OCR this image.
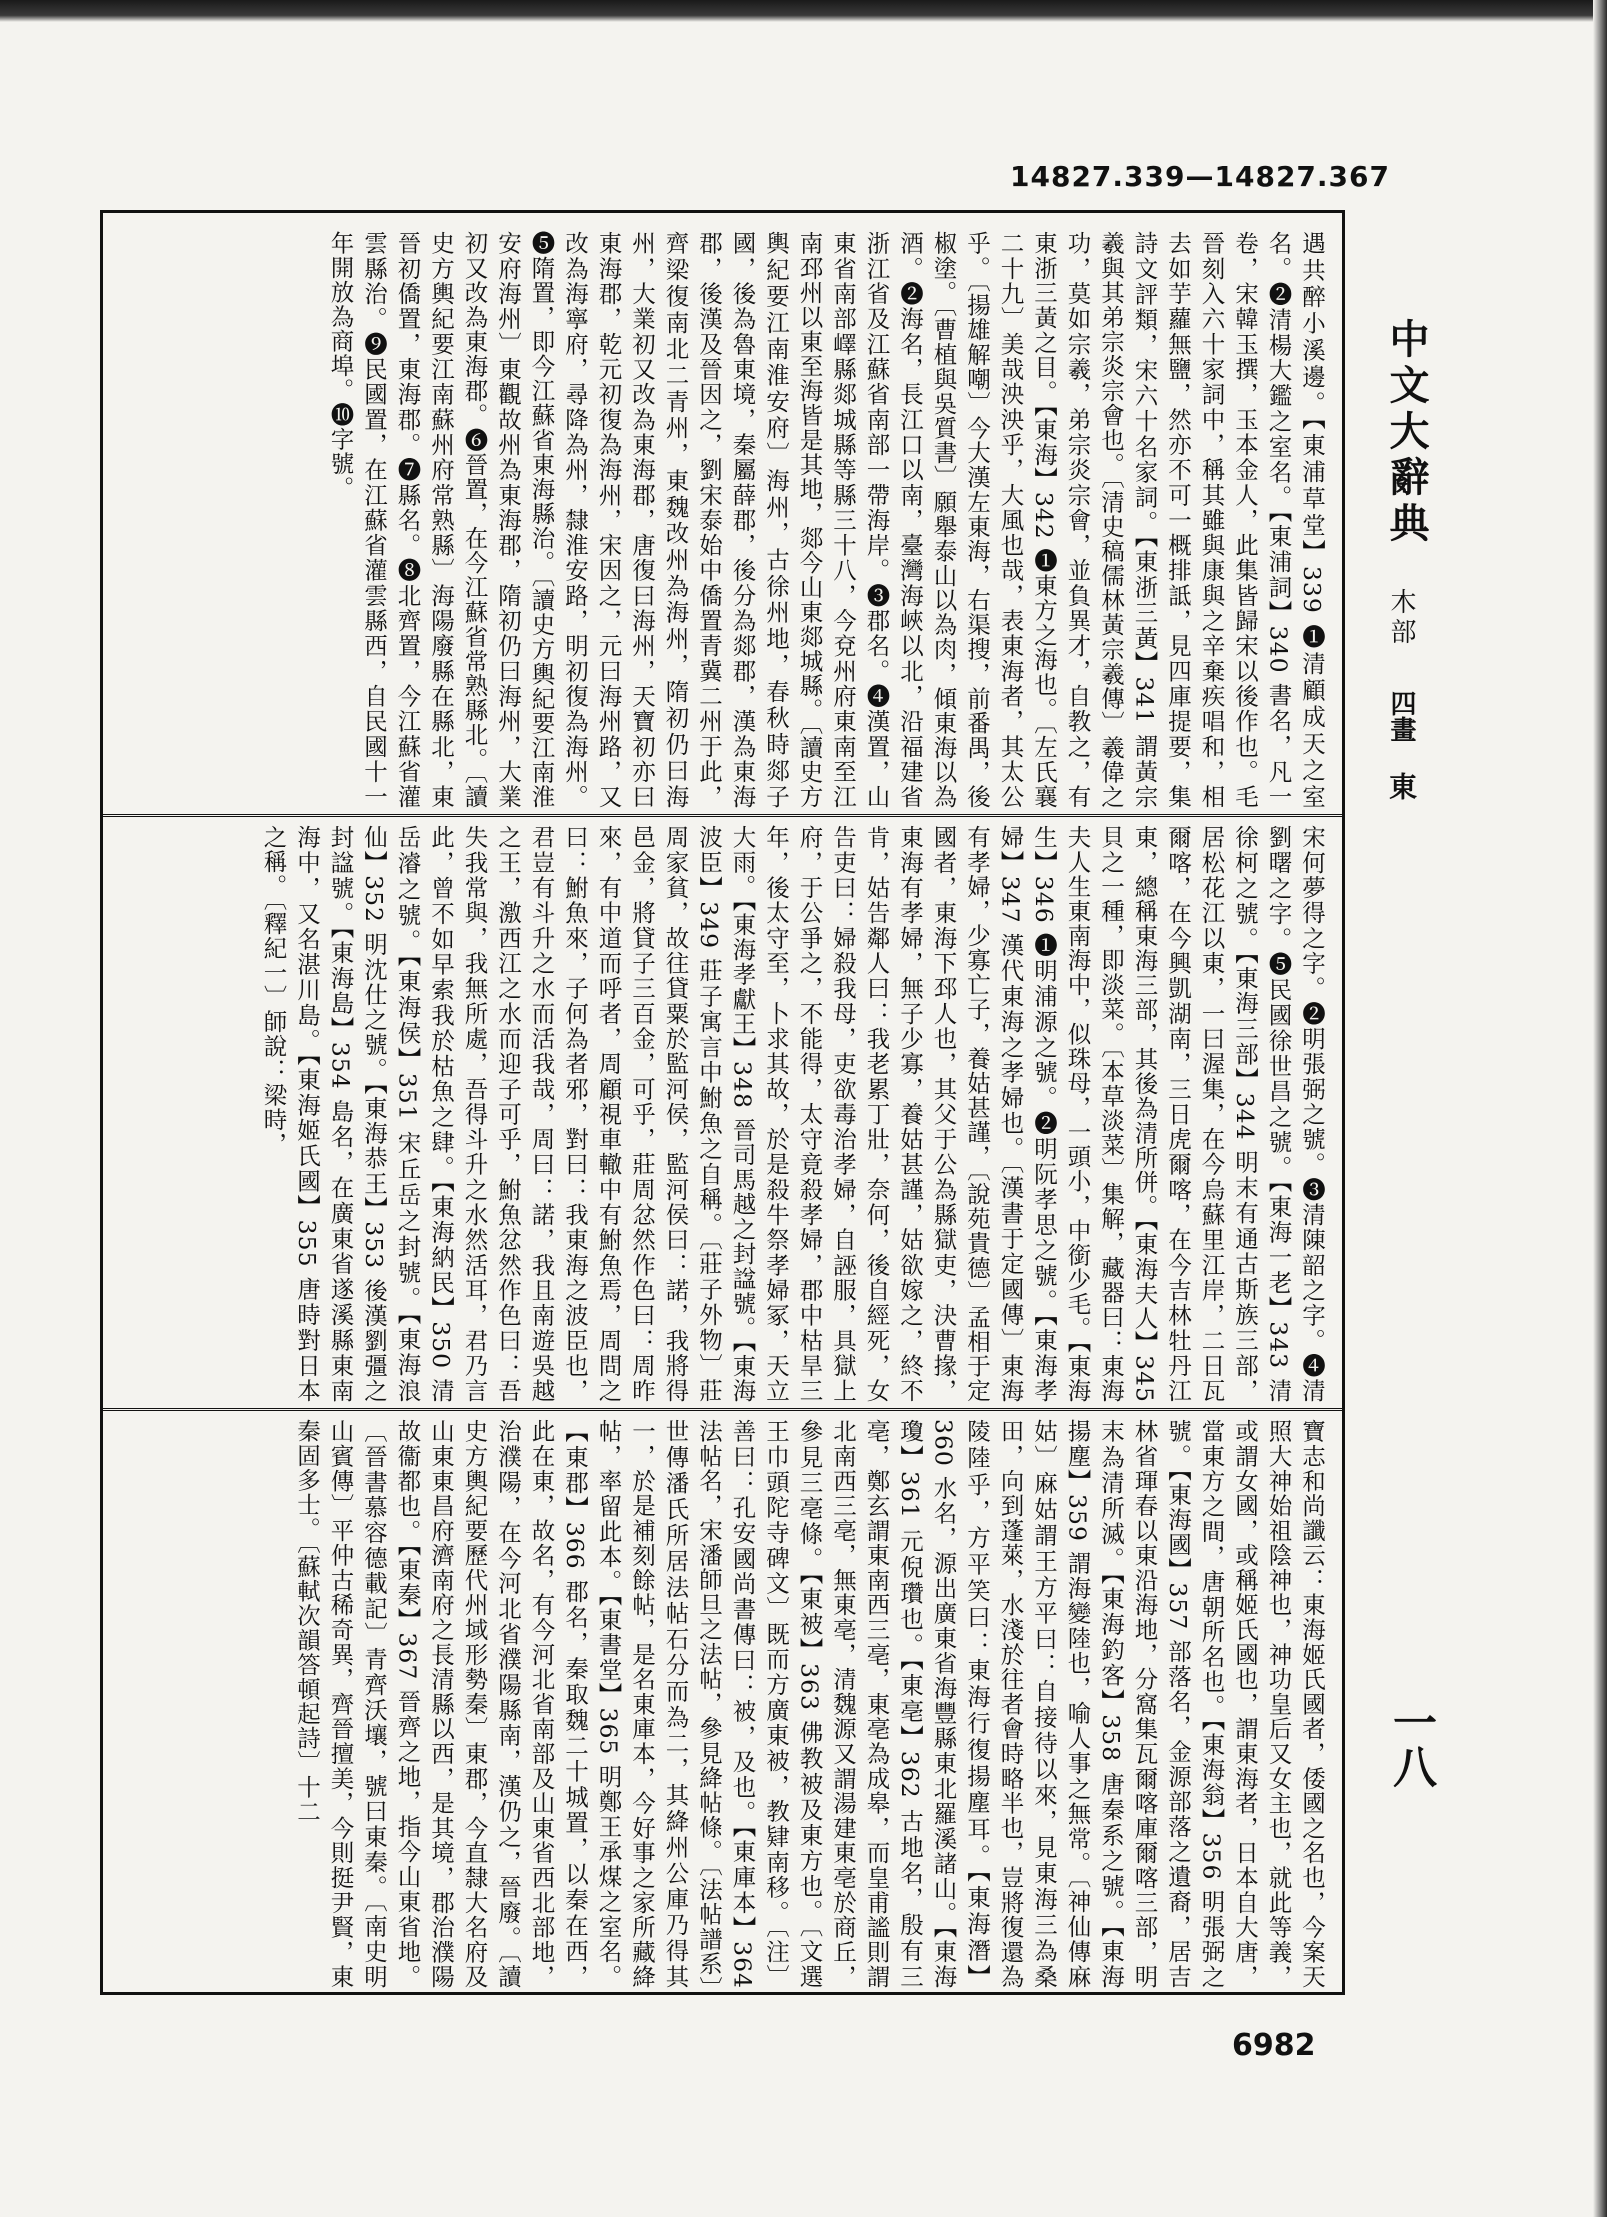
14827.339—14827.367
中文大辭典
木部
四畫
東
一八
遇共醉小溪邊。【東浦草堂】339 ❶清顧成天之室名。❷清楊大鑑之室名。【東浦詞】340 書名，凡一卷，宋韓玉撰，玉本金人，此集皆歸宋以後作也。毛晉刻入六十家詞中，稱其雖與康與之辛棄疾唱和，相去如芋蘿無鹽，然亦不可一概排詆，見四庫提要，集詩文評類，宋六十名家詞。【東浙三黃】341 謂黃宗羲與其弟宗炎宗會也。〔清史稿儒林黃宗羲傳〕羲偉之功，莫如宗羲，弟宗炎宗會，並負異才，自教之，有東浙三黃之目。【東海】342 ❶東方之海也。〔左氏襄二十九〕美哉泱泱乎，大風也哉，表東海者，其太公乎。〔揚雄解嘲〕今大漢左東海，右渠搜，前番禺，後椒塗。〔曹植與吳質書〕願舉泰山以為肉，傾東海以為酒。❷海名，長江口以南，臺灣海峽以北，沿福建省浙江省及江蘇省南部一帶海岸。❸郡名。❹漢置，山東省南部嶧縣郯城縣等縣三十八，今兗州府東南至江南邳州以東至海皆是其地，郯今山東郯城縣。〔讀史方輿紀要江南淮安府〕海州，古徐州地，春秋時郯子國，後為魯東境，秦屬薛郡，後分為郯郡，漢為東海郡，後漢及晉因之，劉宋泰始中僑置青冀二州于此，齊梁復南北二青州，東魏改州為海州，隋初仍曰海州，大業初又改為東海郡，唐復曰海州，天寶初亦曰東海郡，乾元初復為海州，宋因之，元曰海州路，又改為海寧府，尋降為州，隸淮安路，明初復為海州。❺隋置，即今江蘇省東海縣治。〔讀史方輿紀要江南淮安府海州〕東觀故州為東海郡，隋初仍曰海州，大業初又改為東海郡。❻晉置，在今江蘇省常熟縣北。〔讀史方輿紀要江南蘇州府常熟縣〕海陽廢縣在縣北，東晉初僑置，東海郡。❼縣名。❽北齊置，今江蘇省灌雲縣治。❾民國置，在江蘇省灌雲縣西，自民國十一年開放為商埠。❿字號。
宋何夢得之字。❷明張弼之號。❸清陳韶之字。❹清劉曙之字。❺民國徐世昌之號。【東海一老】343 清徐柯之號。【東海三部】344 明末有通古斯族三部，居松花江以東，一曰渥集，在今烏蘇里江岸，二日瓦爾喀，在今興凱湖南，三日虎爾喀，在今吉林牡丹江東，總稱東海三部，其後為清所併。【東海夫人】345 貝之一種，即淡菜。〔本草淡菜〕集解，藏器曰：東海夫人生東南海中，似珠母，一頭小，中銜少毛。【東海生】346 ❶明浦源之號。❷明阮孝思之號。【東海孝婦】347 漢代東海之孝婦也。〔漢書于定國傳〕東海有孝婦，少寡亡子，養姑甚謹，〔說苑貴德〕孟相于定國者，東海下邳人也，其父于公為縣獄吏，決曹掾，東海有孝婦，無子少寡，養姑甚謹，姑欲嫁之，終不肯，姑告鄰人曰：我老累丁壯，奈何，後自經死，女告吏曰：婦殺我母，吏欲毒治孝婦，自誣服，具獄上府，于公爭之，不能得，太守竟殺孝婦，郡中枯旱三年，後太守至，卜求其故，於是殺牛祭孝婦冢，天立大雨。【東海孝獻王】348 晉司馬越之封諡號。【東海波臣】349 莊子寓言中鮒魚之自稱。〔莊子外物〕莊周家貧，故往貸粟於監河侯，監河侯曰：諾，我將得邑金，將貸子三百金，可乎，莊周忿然作色曰：周昨來，有中道而呼者，周顧視車轍中有鮒魚焉，周問之曰：鮒魚來，子何為者邪，對曰：我東海之波臣也，君豈有斗升之水而活我哉，周曰：諾，我且南遊吳越之王，激西江之水而迎子可乎，鮒魚忿然作色曰：吾失我常與，我無所處，吾得斗升之水然活耳，君乃言此，曾不如早索我於枯魚之肆。【東海納民】350 清岳濬之號。【東海侯】351 宋丘岳之封號。【東海浪仙】352 明沈仕之號。【東海恭王】353 後漢劉彊之封諡號。【東海島】354 島名，在廣東省遂溪縣東南海中，又名湛川島。【東海姬氏國】355 唐時對日本之稱。〔釋紀一〕師說：梁時，
寶志和尚讖云：東海姬氏國者，倭國之名也，今案天照大神始祖陰神也，神功皇后又女主也，就此等義，或謂女國，或稱姬氏國也，謂東海者，日本自大唐，當東方之間，唐朝所名也。【東海翁】356 明張弼之號。【東海國】357 部落名，金源部落之遺裔，居吉林省琿春以東沿海地，分窩集瓦爾喀庫爾喀三部，明末為清所滅。【東海釣客】358 唐秦系之號。【東海揚塵】359 謂海變陸也，喻人事之無常。〔神仙傳麻姑〕麻姑謂王方平曰：自接待以來，見東海三為桑田，向到蓬萊，水淺於往者會時略半也，豈將復還為陵陸乎，方平笑曰：東海行復揚塵耳。【東海潛】360 水名，源出廣東省海豐縣東北羅溪諸山。【東海瓊】361 元倪瓚也。【東亳】362 古地名，殷有三亳，鄭玄謂東南西三亳，東亳為成皋，而皇甫謐則謂北南西三亳，無東亳，清魏源又謂湯建東亳於商丘，參見三亳條。【東被】363 佛教被及東方也。〔文選王巾頭陀寺碑文〕既而方廣東被，教肄南移。〔注〕善曰：孔安國尚書傳曰：被，及也。【東庫本】364 法帖名，宋潘師旦之法帖，參見絳帖條。〔法帖譜系〕世傳潘氏所居法帖石分而為二，其絳州公庫乃得其一，於是補刻餘帖，是名東庫本，今好事之家所藏絳帖，率留此本。【東書堂】365 明鄭王承煤之室名。【東郡】366 郡名，秦取魏二十城置，以秦在西，此在東，故名，有今河北省南部及山東省西北部地，治濮陽，在今河北省濮陽縣南，漢仍之，晉廢。〔讀史方輿紀要歷代州域形勢秦〕東郡，今直隸大名府及山東東昌府濟南府之長清縣以西，是其境，郡治濮陽故衞都也。【東秦】367 晉齊之地，指今山東省地。〔晉書慕容德載記〕青齊沃壤，號曰東秦。〔南史明山賓傳〕平仲古稀奇異，齊晉擅美，今則挺尹賢，東秦固多士。〔蘇軾次韻答頓起詩〕十二
6982
